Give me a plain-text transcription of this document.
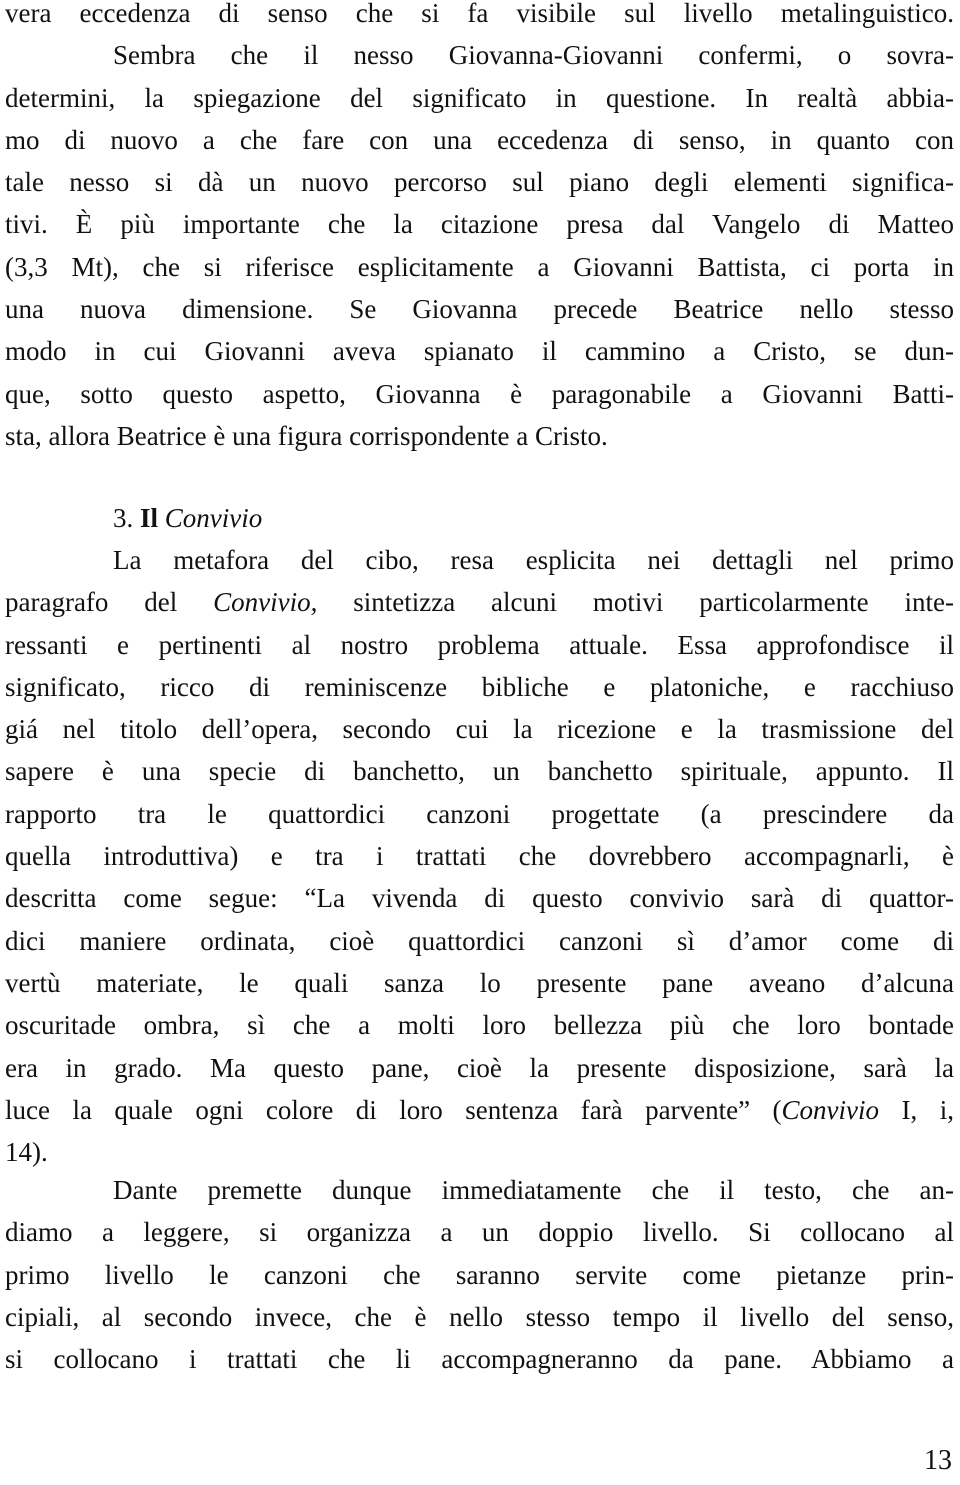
vera eccedenza di senso che si fa visibile sul livello metalinguistico.
Sembra che il nesso Giovanna-Giovanni confermi, o sovra-
determini, la spiegazione del significato in questione. In realtà abbia-
mo di nuovo a che fare con una eccedenza di senso, in quanto con
tale nesso si dà un nuovo percorso sul piano degli elementi significa-
tivi. È più importante che la citazione presa dal Vangelo di Matteo
(3,3 Mt), che si riferisce esplicitamente a Giovanni Battista, ci porta in
una nuova dimensione. Se Giovanna precede Beatrice nello stesso
modo in cui Giovanni aveva spianato il cammino a Cristo, se dun-
que, sotto questo aspetto, Giovanna è paragonabile a Giovanni Batti-
sta, allora Beatrice è una figura corrispondente a Cristo.
3. Il Convivio
La metafora del cibo, resa esplicita nei dettagli nel primo
paragrafo del Convivio, sintetizza alcuni motivi particolarmente inte-
ressanti e pertinenti al nostro problema attuale. Essa approfondisce il
significato, ricco di reminiscenze bibliche e platoniche, e racchiuso
giá nel titolo dell’opera, secondo cui la ricezione e la trasmissione del
sapere è una specie di banchetto, un banchetto spirituale, appunto. Il
rapporto tra le quattordici canzoni progettate (a prescindere da
quella introduttiva) e tra i trattati che dovrebbero accompagnarli, è
descritta come segue: “La vivenda di questo convivio sarà di quattor-
dici maniere ordinata, cioè quattordici canzoni sì d’amor come di
vertù materiate, le quali sanza lo presente pane aveano d’alcuna
oscuritade ombra, sì che a molti loro bellezza più che loro bontade
era in grado. Ma questo pane, cioè la presente disposizione, sarà la
luce la quale ogni colore di loro sentenza farà parvente” (Convivio I, i,
14).
Dante premette dunque immediatamente che il testo, che an-
diamo a leggere, si organizza a un doppio livello. Si collocano al
primo livello le canzoni che saranno servite come pietanze prin-
cipiali, al secondo invece, che è nello stesso tempo il livello del senso,
si collocano i trattati che li accompagneranno da pane. Abbiamo a
13
